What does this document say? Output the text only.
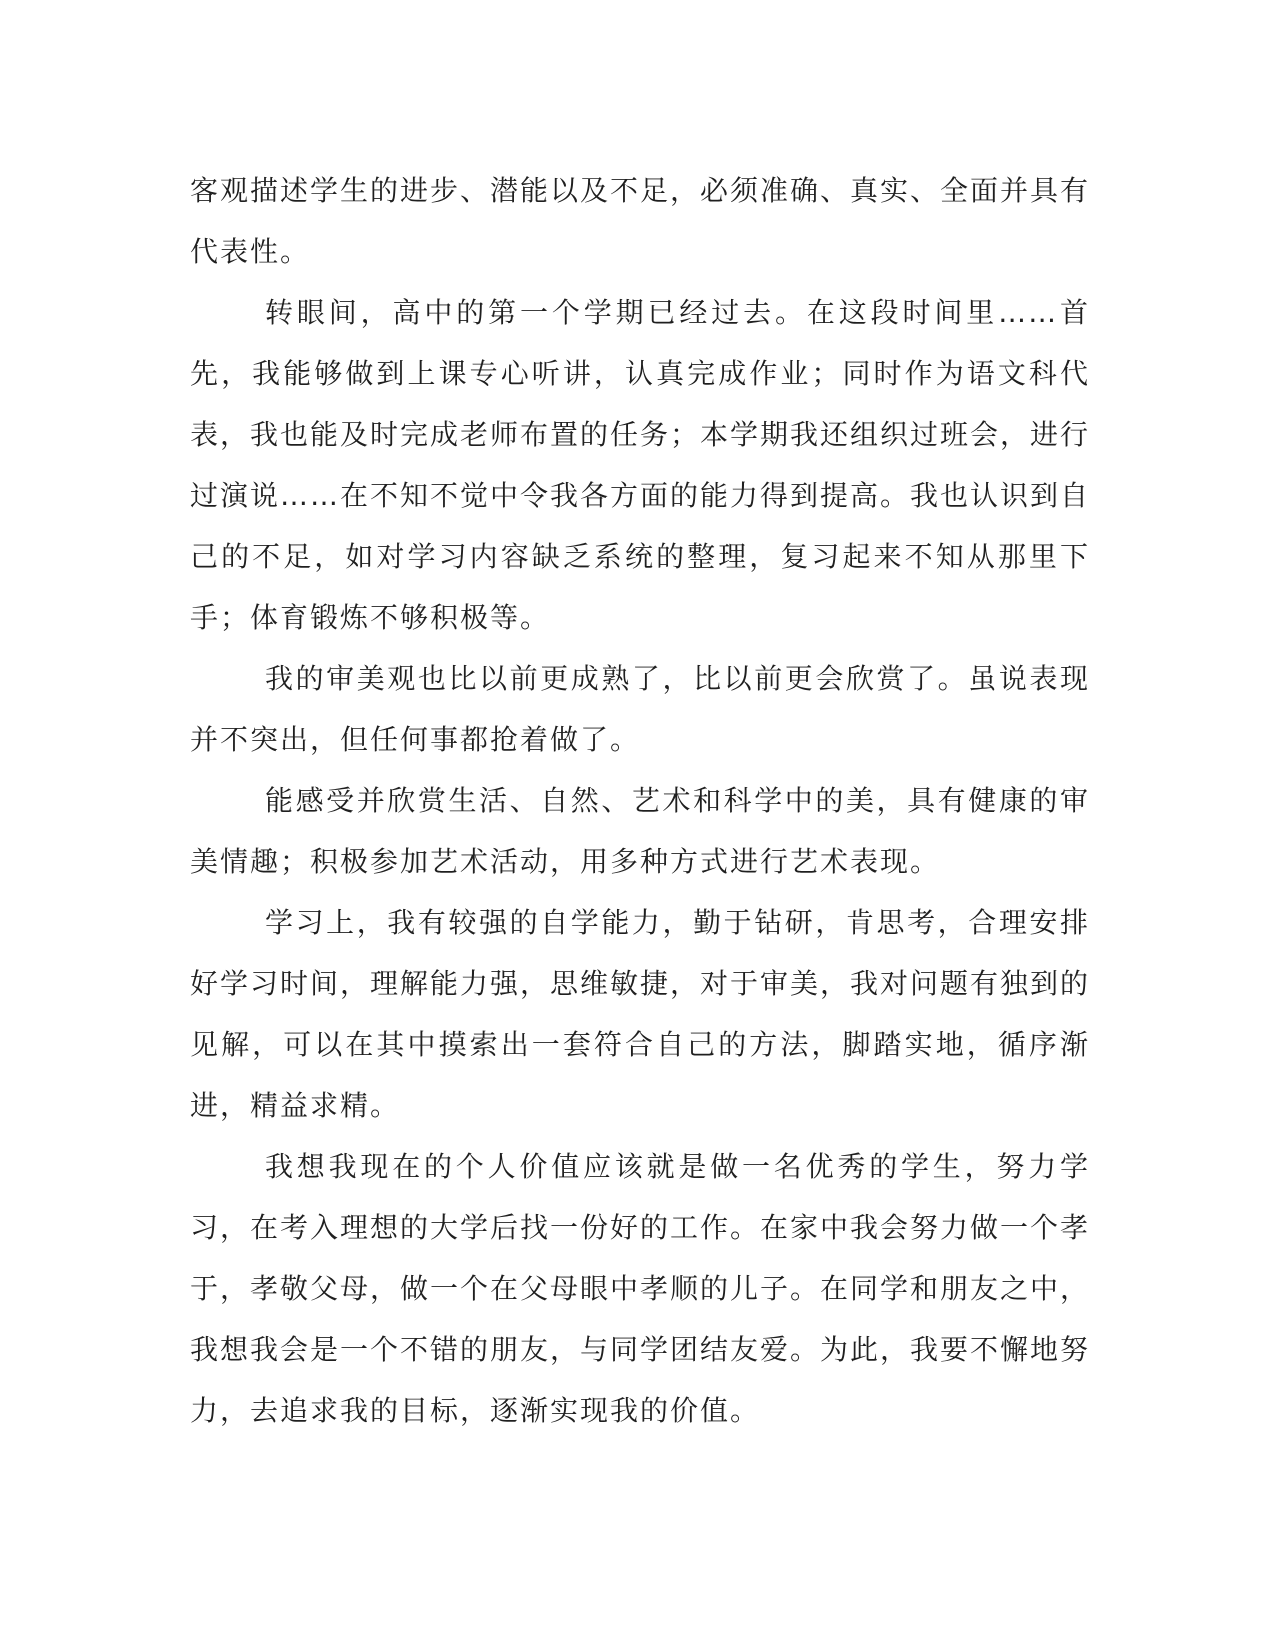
客观描述学生的进步、潜能以及不足，必须准确、真实、全面并具有代表性。

转眼间，高中的第一个学期已经过去。在这段时间里……首先，我能够做到上课专心听讲，认真完成作业；同时作为语文科代表，我也能及时完成老师布置的任务；本学期我还组织过班会，进行过演说……在不知不觉中令我各方面的能力得到提高。我也认识到自己的不足，如对学习内容缺乏系统的整理，复习起来不知从那里下手；体育锻炼不够积极等。

我的审美观也比以前更成熟了，比以前更会欣赏了。虽说表现并不突出，但任何事都抢着做了。

能感受并欣赏生活、自然、艺术和科学中的美，具有健康的审美情趣；积极参加艺术活动，用多种方式进行艺术表现。

学习上，我有较强的自学能力，勤于钻研，肯思考，合理安排好学习时间，理解能力强，思维敏捷，对于审美，我对问题有独到的见解，可以在其中摸索出一套符合自己的方法，脚踏实地，循序渐进，精益求精。

我想我现在的个人价值应该就是做一名优秀的学生，努力学习，在考入理想的大学后找一份好的工作。在家中我会努力做一个孝于，孝敬父母，做一个在父母眼中孝顺的儿子。在同学和朋友之中，我想我会是一个不错的朋友，与同学团结友爱。为此，我要不懈地努力，去追求我的目标，逐渐实现我的价值。
